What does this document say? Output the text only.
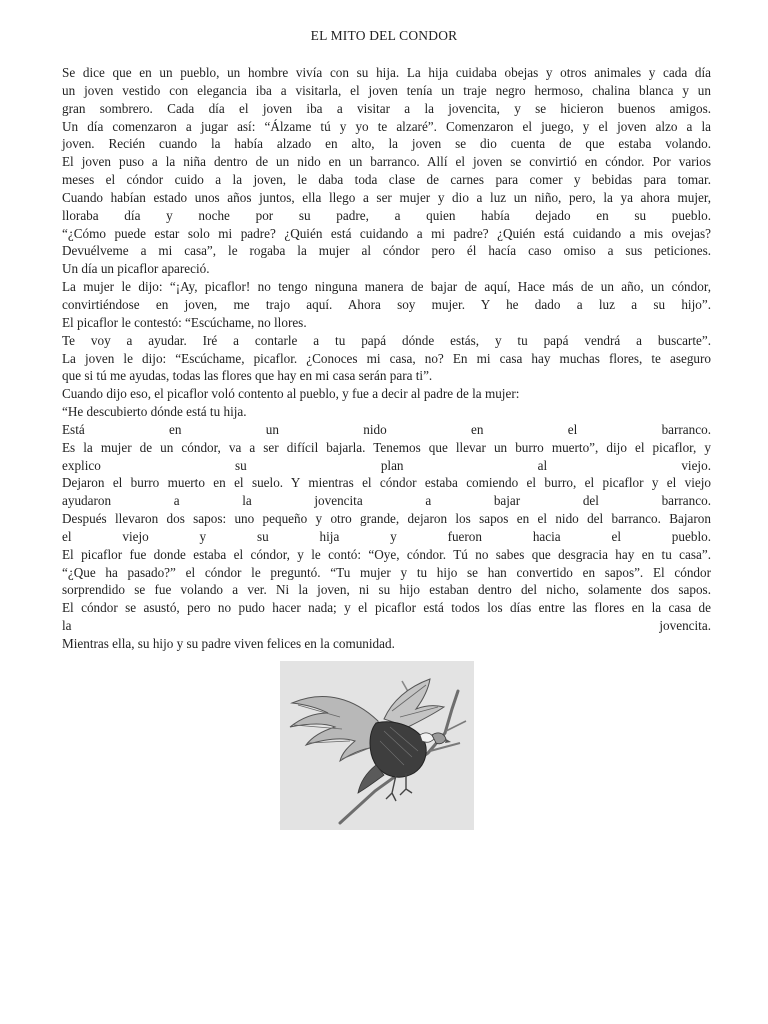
EL MITO DEL CONDOR
Se dice que en un pueblo, un hombre vivía con su hija. La hija cuidaba obejas y otros animales y cada día
un joven vestido con elegancia iba a visitarla, el joven tenía un traje negro hermoso, chalina blanca y un
gran sombrero. Cada día el joven iba a visitar a la jovencita, y se hicieron buenos amigos.
Un día comenzaron a jugar así: “Álzame tú y yo te alzaré”. Comenzaron el juego, y el joven alzo a la
joven. Recién cuando la había alzado en alto, la joven se dio cuenta de que estaba volando.
El joven puso a la niña dentro de un nido en un barranco. Allí el joven se convirtió en cóndor. Por varios
meses el cóndor cuido a la joven, le daba toda clase de carnes para comer y bebidas para tomar.
Cuando habían estado unos años juntos, ella llego a ser mujer y dio a luz un niño, pero, la ya ahora mujer,
lloraba día y noche por su padre, a quien había dejado en su pueblo.
“¿Cómo puede estar solo mi padre? ¿Quién está cuidando a mi padre? ¿Quién está cuidando a mis ovejas?
Devuélveme a mi casa”, le rogaba la mujer al cóndor pero él hacía caso omiso a sus peticiones.
Un día un picaflor apareció.
La mujer le dijo: “¡Ay, picaflor! no tengo ninguna manera de bajar de aquí, Hace más de un año, un cóndor,
convirtiéndose en joven, me trajo aquí. Ahora soy mujer. Y he dado a luz a su hijo”.
El picaflor le contestó: “Escúchame, no llores.
Te voy a ayudar. Iré a contarle a tu papá dónde estás, y tu papá vendrá a buscarte”.
La joven le dijo: “Escúchame, picaflor. ¿Conoces mi casa, no? En mi casa hay muchas flores, te aseguro
que si tú me ayudas, todas las flores que hay en mi casa serán para ti”.
Cuando dijo eso, el picaflor voló contento al pueblo, y fue a decir al padre de la mujer:
“He descubierto dónde está tu hija.
Está en un nido en el barranco.
Es la mujer de un cóndor, va a ser difícil bajarla. Tenemos que llevar un burro muerto”, dijo el picaflor, y
explico su plan al viejo.
Dejaron el burro muerto en el suelo. Y mientras el cóndor estaba comiendo el burro, el picaflor y el viejo
ayudaron a la jovencita a bajar del barranco.
Después llevaron dos sapos: uno pequeño y otro grande, dejaron los sapos en el nido del barranco. Bajaron
el viejo y su hija y fueron hacia el pueblo.
El picaflor fue donde estaba el cóndor, y le contó: “Oye, cóndor. Tú no sabes que desgracia hay en tu casa”.
“¿Que ha pasado?” el cóndor le preguntó. “Tu mujer y tu hijo se han convertido en sapos”. El cóndor
sorprendido se fue volando a ver. Ni la joven, ni su hijo estaban dentro del nicho, solamente dos sapos.
El cóndor se asustó, pero no pudo hacer nada; y el picaflor está todos los días entre las flores en la casa de
la jovencita.
Mientras ella, su hijo y su padre viven felices en la comunidad.
